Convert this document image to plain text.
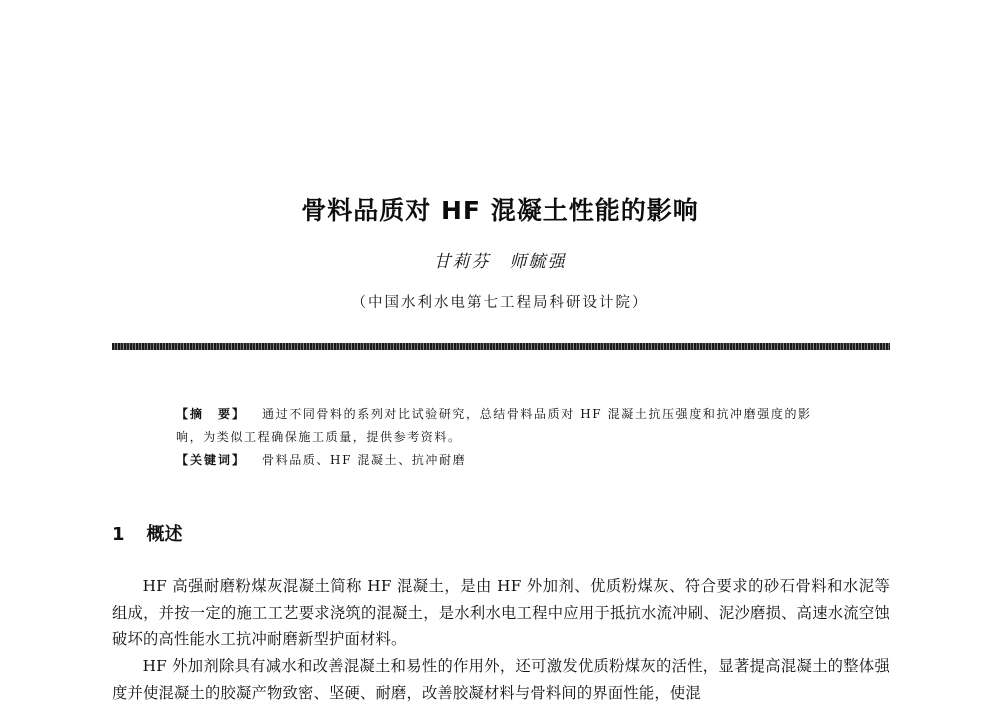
骨料品质对 HF 混凝土性能的影响
甘莉芬　师毓强
（中国水利水电第七工程局科研设计院）

【摘　要】 通过不同骨料的系列对比试验研究，总结骨料品质对 HF 混凝土抗压强度和抗冲磨强度的影响，为类似工程确保施工质量，提供参考资料。

【关键词】 骨料品质、HF 混凝土、抗冲耐磨

1 概述

HF 高强耐磨粉煤灰混凝土简称 HF 混凝土，是由 HF 外加剂、优质粉煤灰、符合要求的砂石骨料和水泥等组成，并按一定的施工工艺要求浇筑的混凝土，是水利水电工程中应用于抵抗水流冲刷、泥沙磨损、高速水流空蚀破坏的高性能水工抗冲耐磨新型护面材料。

HF 外加剂除具有减水和改善混凝土和易性的作用外，还可激发优质粉煤灰的活性，显著提高混凝土的整体强度并使混凝土的胶凝产物致密、坚硬、耐磨，改善胶凝材料与骨料间的界面性能，使混
